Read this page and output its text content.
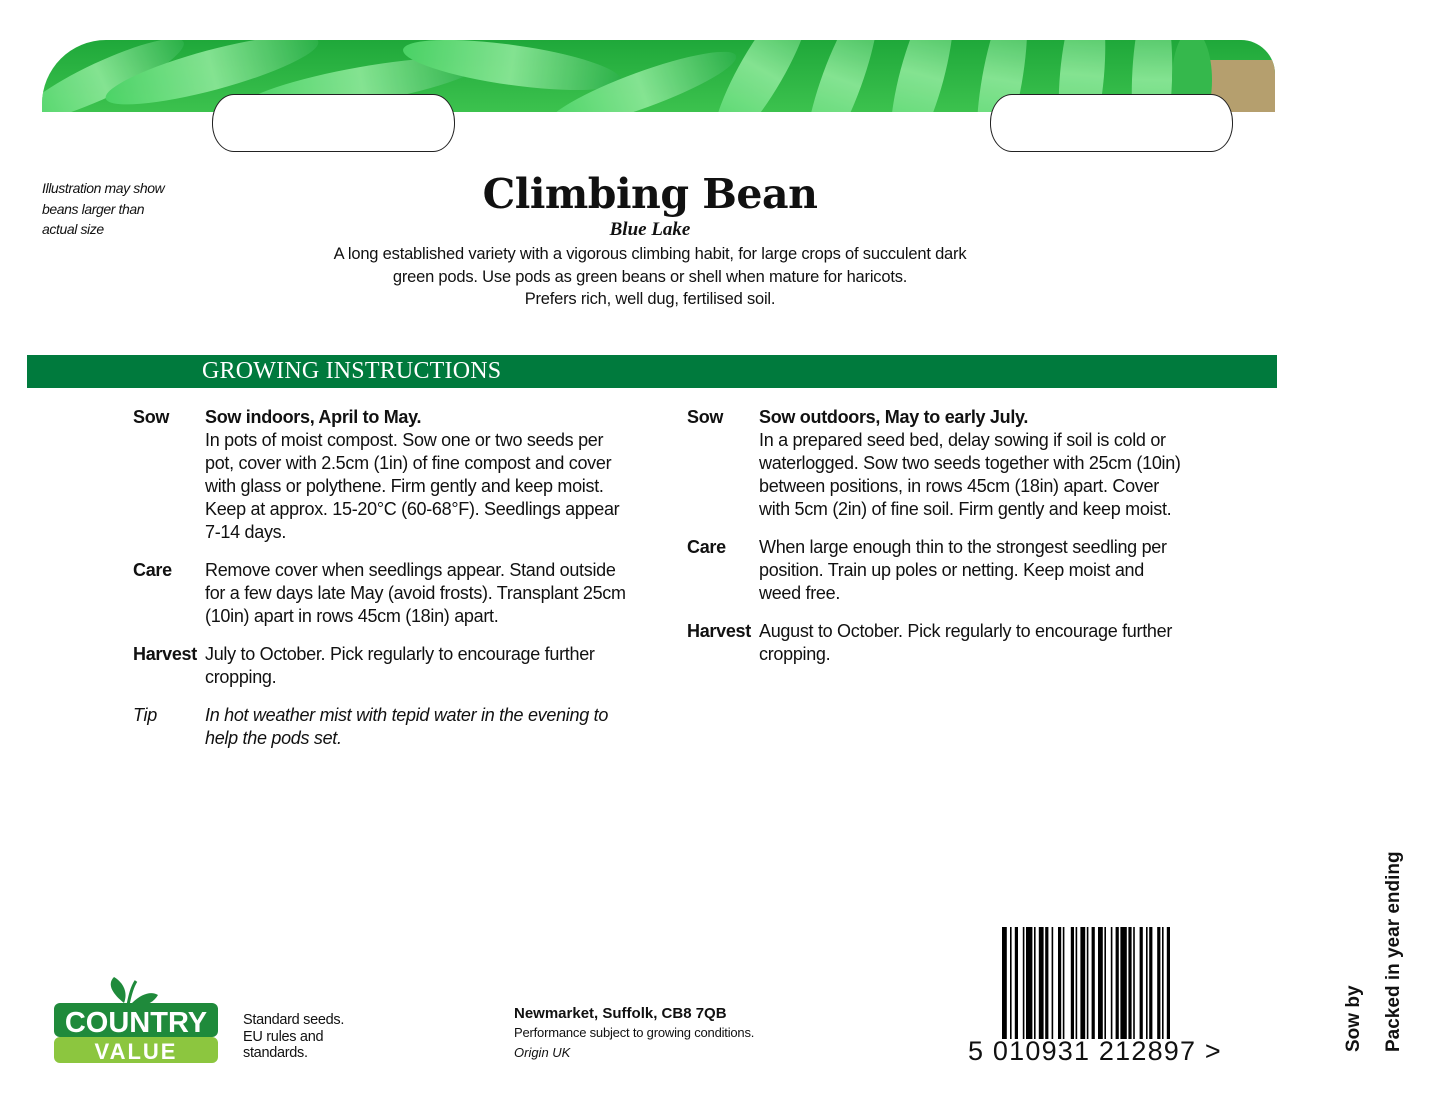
Illustration may show
beans larger than
actual size
Climbing Bean
Blue Lake
A long established variety with a vigorous climbing habit, for large crops of succulent dark
green pods. Use pods as green beans or shell when mature for haricots.
Prefers rich, well dug, fertilised soil.
GROWING INSTRUCTIONS
Sow	Sow indoors, April to May.
In pots of moist compost. Sow one or two seeds per pot, cover with 2.5cm (1in) of fine compost and cover with glass or polythene. Firm gently and keep moist. Keep at approx. 15-20°C (60-68°F). Seedlings appear 7-14 days.
Care	Remove cover when seedlings appear. Stand outside for a few days late May (avoid frosts). Transplant 25cm (10in) apart in rows 45cm (18in) apart.
Harvest July to October. Pick regularly to encourage further cropping.
Tip	In hot weather mist with tepid water in the evening to help the pods set.
Sow	Sow outdoors, May to early July.
In a prepared seed bed, delay sowing if soil is cold or waterlogged. Sow two seeds together with 25cm (10in) between positions, in rows 45cm (18in) apart. Cover with 5cm (2in) of fine soil. Firm gently and keep moist.
Care	When large enough thin to the strongest seedling per position. Train up poles or netting. Keep moist and weed free.
Harvest August to October. Pick regularly to encourage further cropping.
COUNTRY
VALUE
Standard seeds.
EU rules and
standards.
Newmarket, Suffolk, CB8 7QB
Performance subject to growing conditions.
Origin UK	5 010931 212897 >	Sow by Packed in year ending
